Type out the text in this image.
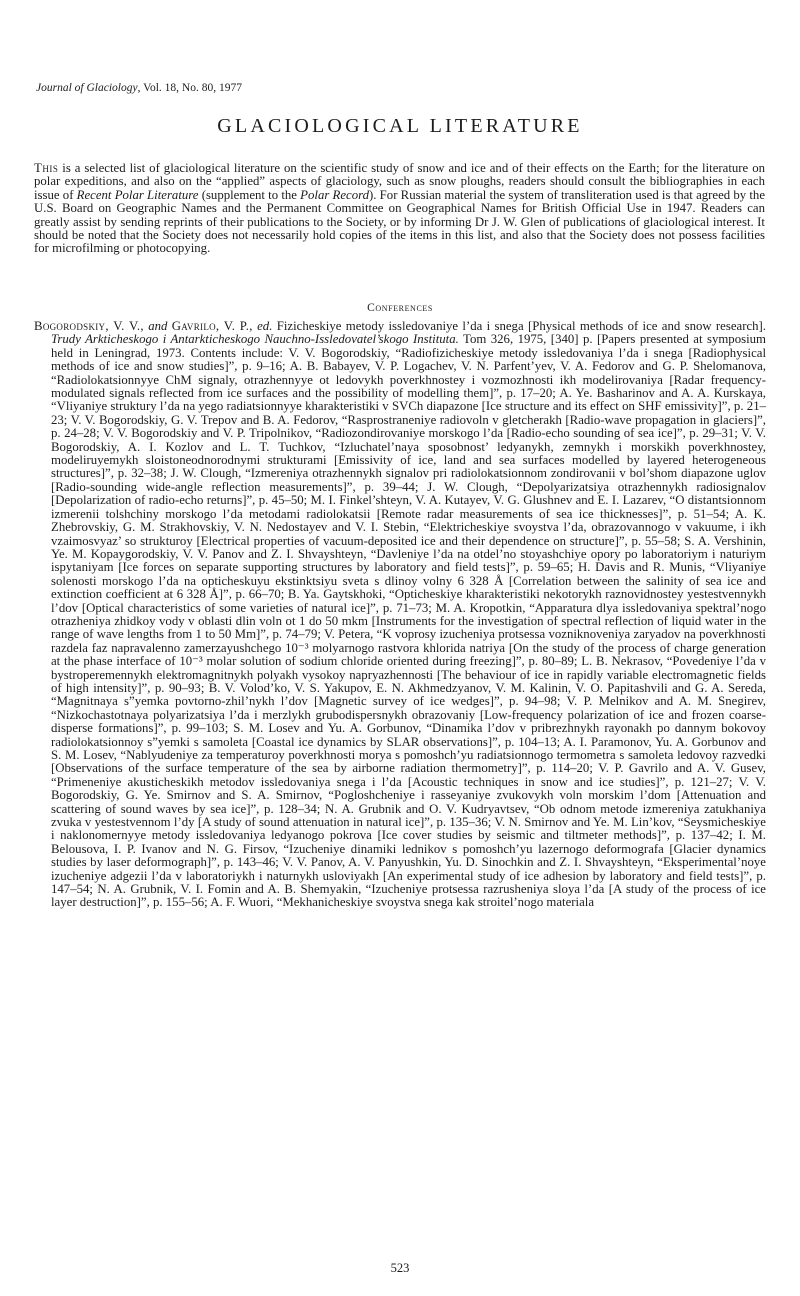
Journal of Glaciology, Vol. 18, No. 80, 1977
GLACIOLOGICAL LITERATURE

This is a selected list of glaciological literature on the scientific study of snow and ice and of their effects on the Earth; for the literature on polar expeditions, and also on the “applied” aspects of glaciology, such as snow ploughs, readers should consult the bibliographies in each issue of Recent Polar Literature (supplement to the Polar Record). For Russian material the system of transliteration used is that agreed by the U.S. Board on Geographic Names and the Permanent Committee on Geographical Names for British Official Use in 1947. Readers can greatly assist by sending reprints of their publications to the Society, or by informing Dr J. W. Glen of publications of glaciological interest. It should be noted that the Society does not necessarily hold copies of the items in this list, and also that the Society does not possess facilities for microfilming or photocopying.

Conferences

Bogorodskiy, V. V., and Gavrilo, V. P., ed. Fizicheskiye metody issledovaniye l’da i snega [Physical methods of ice and snow research]. Trudy Arkticheskogo i Antarkticheskogo Nauchno-Issledovatel’skogo Instituta. Tom 326, 1975, [340] p. [Papers presented at symposium held in Leningrad, 1973. Contents include: V. V. Bogorodskiy, “Radiofizicheskiye metody issledovaniya l’da i snega [Radiophysical methods of ice and snow studies]”, p. 9–16; A. B. Babayev, V. P. Logachev, V. N. Parfent’yev, V. A. Fedorov and G. P. Shelomanova, “Radiolokatsionnyye ChM signaly, otrazhennyye ot ledovykh poverkhnostey i vozmozhnosti ikh modelirovaniya [Radar frequency-modulated signals reflected from ice surfaces and the possibility of modelling them]”, p. 17–20; A. Ye. Basharinov and A. A. Kurskaya, “Vliyaniye struktury l’da na yego radiatsionnyye kharakteristiki v SVCh diapazone [Ice structure and its effect on SHF emissivity]”, p. 21–23; V. V. Bogorodskiy, G. V. Trepov and B. A. Fedorov, “Rasprostraneniye radiovoln v gletcherakh [Radio-wave propagation in glaciers]”, p. 24–28; V. V. Bogorodskiy and V. P. Tripolnikov, “Radiozondirovaniye morskogo l’da [Radio-echo sounding of sea ice]”, p. 29–31; V. V. Bogorodskiy, A. I. Kozlov and L. T. Tuchkov, “Izluchatel’naya sposobnost’ ledyanykh, zemnykh i morskikh poverkhnostey, modeliruyemykh sloistoneodnorodnymi strukturami [Emissivity of ice, land and sea surfaces modelled by layered heterogeneous structures]”, p. 32–38; J. W. Clough, “Izmereniya otrazhennykh signalov pri radiolokatsionnom zondirovanii v bol’shom diapazone uglov [Radio-sounding wide-angle reflection measurements]”, p. 39–44; J. W. Clough, “Depolyarizatsiya otrazhennykh radiosignalov [Depolarization of radio-echo returns]”, p. 45–50; M. I. Finkel’shteyn, V. A. Kutayev, V. G. Glushnev and E. I. Lazarev, “O distantsionnom izmerenii tolshchiny morskogo l’da metodami radiolokatsii [Remote radar measurements of sea ice thicknesses]”, p. 51–54; A. K. Zhebrovskiy, G. M. Strakhovskiy, V. N. Nedostayev and V. I. Stebin, “Elektricheskiye svoystva l’da, obrazovannogo v vakuume, i ikh vzaimosvyaz’ so strukturoy [Electrical properties of vacuum-deposited ice and their dependence on structure]”, p. 55–58; S. A. Vershinin, Ye. M. Kopaygorodskiy, V. V. Panov and Z. I. Shvayshteyn, “Davleniye l’da na otdel’no stoyashchiye opory po laboratoriym i naturiym ispytaniyam [Ice forces on separate supporting structures by laboratory and field tests]”, p. 59–65; H. Davis and R. Munis, “Vliyaniye solenosti morskogo l’da na opticheskuyu ekstinktsiyu sveta s dlinoy volny 6 328 Å [Correlation between the salinity of sea ice and extinction coefficient at 6 328 Å]”, p. 66–70; B. Ya. Gaytskhoki, “Opticheskiye kharakteristiki nekotorykh raznovidnostey yestestvennykh l’dov [Optical characteristics of some varieties of natural ice]”, p. 71–73; M. A. Kropotkin, “Apparatura dlya issledovaniya spektral’nogo otrazheniya zhidkoy vody v oblasti dlin voln ot 1 do 50 mkm [Instruments for the investigation of spectral reflection of liquid water in the range of wave lengths from 1 to 50 Mm]”, p. 74–79; V. Petera, “K voprosy izucheniya protsessa vozniknoveniya zaryadov na poverkhnosti razdela faz napravalenno zamerzayushchego 10⁻³ molyarnogo rastvora khlorida natriya [On the study of the process of charge generation at the phase interface of 10⁻³ molar solution of sodium chloride oriented during freezing]”, p. 80–89; L. B. Nekrasov, “Povedeniye l’da v bystroperemennykh elektromagnitnykh polyakh vysokoy napryazhennosti [The behaviour of ice in rapidly variable electromagnetic fields of high intensity]”, p. 90–93; B. V. Volod’ko, V. S. Yakupov, E. N. Akhmedzyanov, V. M. Kalinin, V. O. Papitashvili and G. A. Sereda, “Magnitnaya s”yemka povtorno-zhil’nykh l’dov [Magnetic survey of ice wedges]”, p. 94–98; V. P. Melnikov and A. M. Snegirev, “Nizkochastotnaya polyarizatsiya l’da i merzlykh grubodispersnykh obrazovaniy [Low-frequency polarization of ice and frozen coarse-disperse formations]”, p. 99–103; S. M. Losev and Yu. A. Gorbunov, “Dinamika l’dov v pribrezhnykh rayonakh po dannym bokovoy radiolokatsionnoy s”yemki s samoleta [Coastal ice dynamics by SLAR observations]”, p. 104–13; A. I. Paramonov, Yu. A. Gorbunov and S. M. Losev, “Nablyudeniye za temperaturoy poverkhnosti morya s pomoshch’yu radiatsionnogo termometra s samoleta ledovoy razvedki [Observations of the surface temperature of the sea by airborne radiation thermometry]”, p. 114–20; V. P. Gavrilo and A. V. Gusev, “Primeneniye akusticheskikh metodov issledovaniya snega i l’da [Acoustic techniques in snow and ice studies]”, p. 121–27; V. V. Bogorodskiy, G. Ye. Smirnov and S. A. Smirnov, “Pogloshcheniye i rasseyaniye zvukovykh voln morskim l’dom [Attenuation and scattering of sound waves by sea ice]”, p. 128–34; N. A. Grubnik and O. V. Kudryavtsev, “Ob odnom metode izmereniya zatukhaniya zvuka v yestestvennom l’dy [A study of sound attenuation in natural ice]”, p. 135–36; V. N. Smirnov and Ye. M. Lin’kov, “Seysmicheskiye i naklonomernyye metody issledovaniya ledyanogo pokrova [Ice cover studies by seismic and tiltmeter methods]”, p. 137–42; I. M. Belousova, I. P. Ivanov and N. G. Firsov, “Izucheniye dinamiki lednikov s pomoshch’yu lazernogo deformografa [Glacier dynamics studies by laser deformograph]”, p. 143–46; V. V. Panov, A. V. Panyushkin, Yu. D. Sinochkin and Z. I. Shvayshteyn, “Eksperimental’noye izucheniye adgezii l’da v laboratoriykh i naturnykh usloviyakh [An experimental study of ice adhesion by laboratory and field tests]”, p. 147–54; N. A. Grubnik, V. I. Fomin and A. B. Shemyakin, “Izucheniye protsessa razrusheniya sloya l’da [A study of the process of ice layer destruction]”, p. 155–56; A. F. Wuori, “Mekhanicheskiye svoystva snega kak stroitel’nogo materiala

523
